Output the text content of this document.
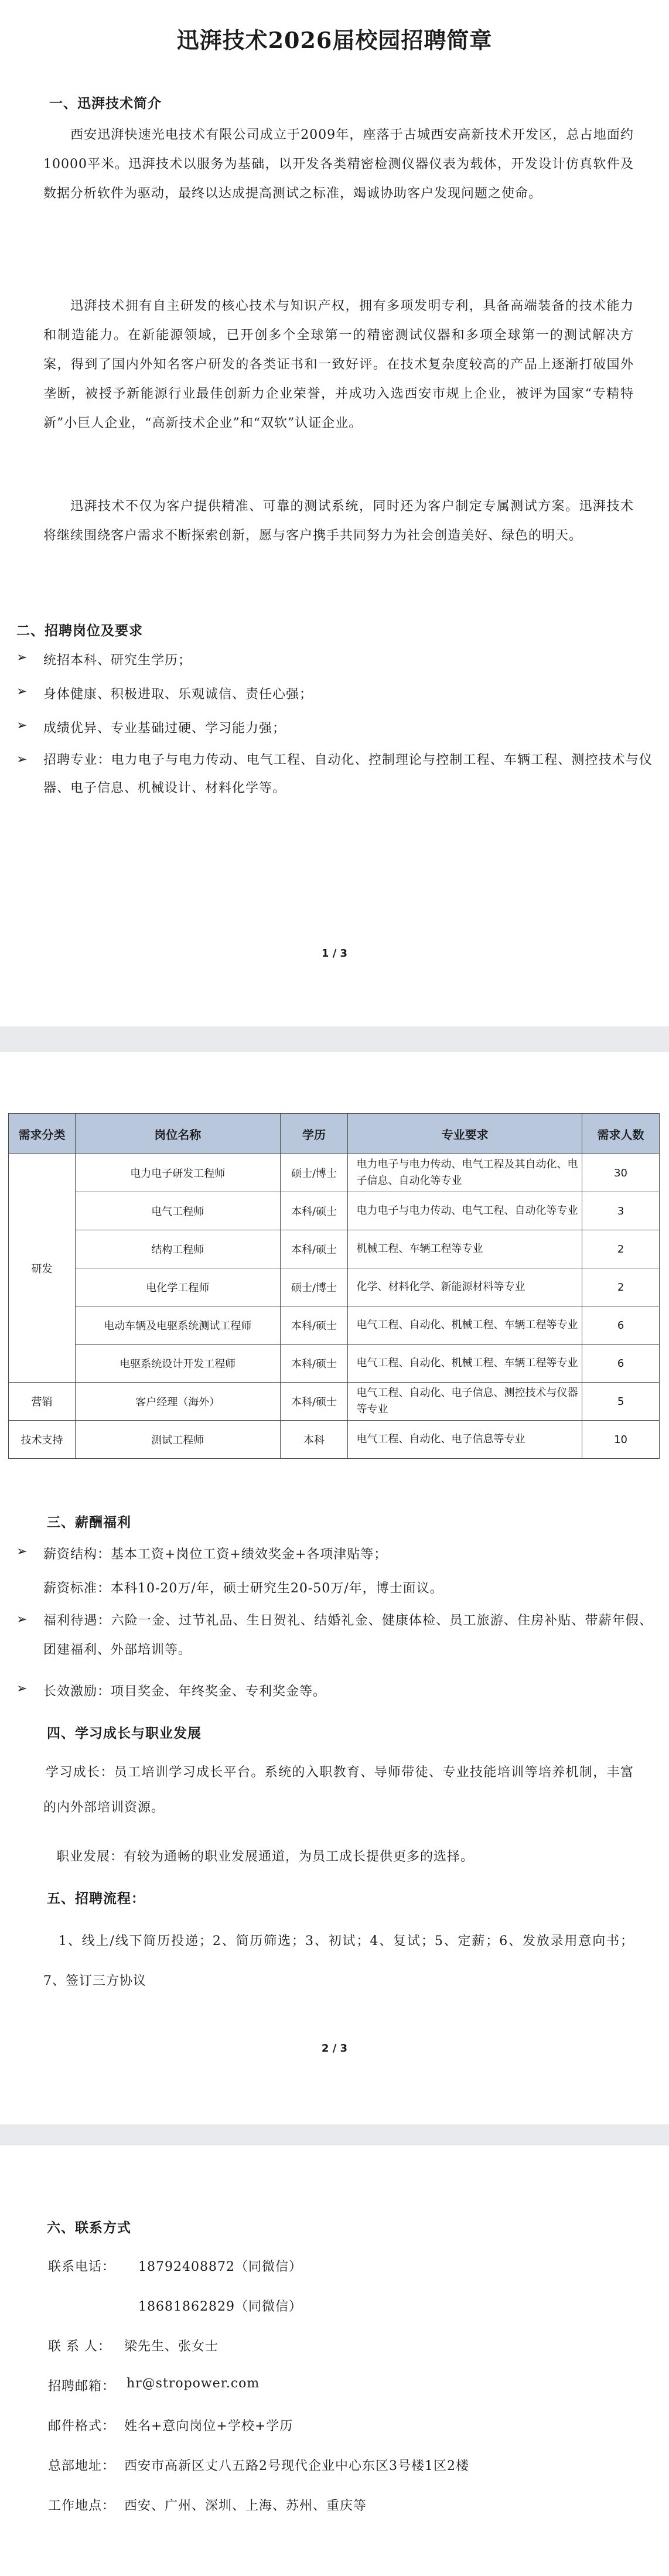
迅湃技术2026届校园招聘简章
一、迅湃技术简介
西安迅湃快速光电技术有限公司成立于2009年，座落于古城西安高新技术开发区，总占地面约10000平米。迅湃技术以服务为基础，以开发各类精密检测仪器仪表为载体，开发设计仿真软件及数据分析软件为驱动，最终以达成提高测试之标准，竭诚协助客户发现问题之使命。
迅湃技术拥有自主研发的核心技术与知识产权，拥有多项发明专利，具备高端装备的技术能力和制造能力。在新能源领域，已开创多个全球第一的精密测试仪器和多项全球第一的测试解决方案，得到了国内外知名客户研发的各类证书和一致好评。在技术复杂度较高的产品上逐渐打破国外垄断，被授予新能源行业最佳创新力企业荣誉，并成功入选西安市规上企业，被评为国家“专精特新”小巨人企业，“高新技术企业”和“双软”认证企业。
迅湃技术不仅为客户提供精准、可靠的测试系统，同时还为客户制定专属测试方案。迅湃技术将继续围绕客户需求不断探索创新，愿与客户携手共同努力为社会创造美好、绿色的明天。
二、招聘岗位及要求
➢ 统招本科、研究生学历；
➢ 身体健康、积极进取、乐观诚信、责任心强；
➢ 成绩优异、专业基础过硬、学习能力强；
➢ 招聘专业：电力电子与电力传动、电气工程、自动化、控制理论与控制工程、车辆工程、测控技术与仪器、电子信息、机械设计、材料化学等。
1 / 3
需求分类	岗位名称	学历	专业要求	需求人数
研发	电力电子研发工程师	硕士/博士	电力电子与电力传动、电气工程及其自动化、电子信息、自动化等专业	30
	电气工程师	本科/硕士	电力电子与电力传动、电气工程、自动化等专业	3
	结构工程师	本科/硕士	机械工程、车辆工程等专业	2
	电化学工程师	硕士/博士	化学、材料化学、新能源材料等专业	2
	电动车辆及电驱系统测试工程师	本科/硕士	电气工程、自动化、机械工程、车辆工程等专业	6
	电驱系统设计开发工程师	本科/硕士	电气工程、自动化、机械工程、车辆工程等专业	6
营销	客户经理（海外）	本科/硕士	电气工程、自动化、电子信息、测控技术与仪器等专业	5
技术支持	测试工程师	本科	电气工程、自动化、电子信息等专业	10
三、薪酬福利
➢ 薪资结构：基本工资+岗位工资+绩效奖金+各项津贴等；
薪资标准：本科10-20万/年，硕士研究生20-50万/年，博士面议。
➢ 福利待遇：六险一金、过节礼品、生日贺礼、结婚礼金、健康体检、员工旅游、住房补贴、带薪年假、团建福利、外部培训等。
➢ 长效激励：项目奖金、年终奖金、专利奖金等。
四、学习成长与职业发展
学习成长：员工培训学习成长平台。系统的入职教育、导师带徒、专业技能培训等培养机制，丰富的内外部培训资源。
职业发展：有较为通畅的职业发展通道，为员工成长提供更多的选择。
五、招聘流程：
1、线上/线下简历投递；2、简历筛选；3、初试；4、复试；5、定薪；6、发放录用意向书；7、签订三方协议
2 / 3
六、联系方式
联系电话： 18792408872（同微信）
18681862829（同微信）
联 系 人： 梁先生、张女士
招聘邮箱： hr@stropower.com
邮件格式： 姓名+意向岗位+学校+学历
总部地址： 西安市高新区丈八五路2号现代企业中心东区3号楼1区2楼
工作地点： 西安、广州、深圳、上海、苏州、重庆等
